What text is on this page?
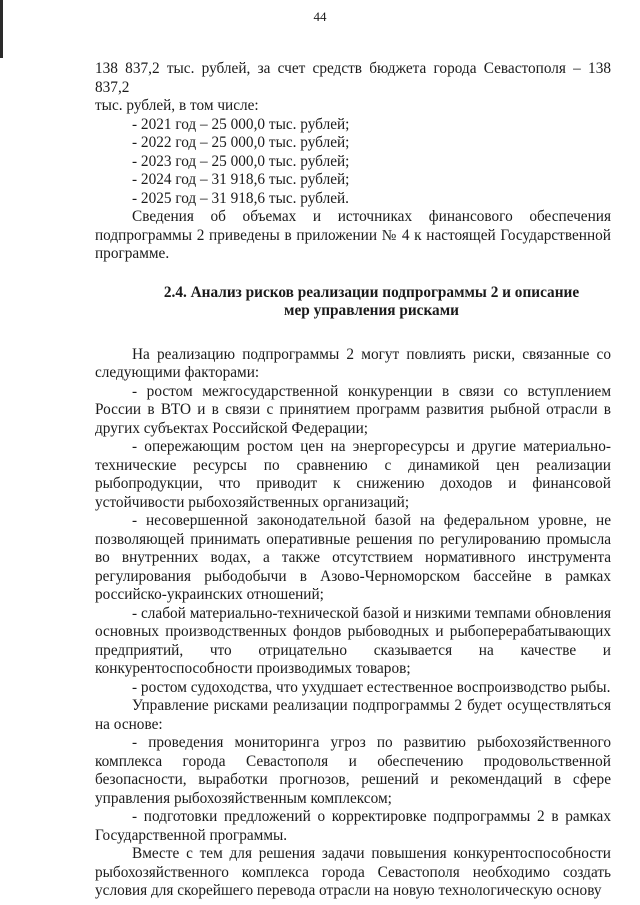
44

138 837,2 тыс. рублей, за счет средств бюджета города Севастополя – 138 837,2

тыс. рублей, в том числе:

- 2021 год – 25 000,0 тыс. рублей;
- 2022 год – 25 000,0 тыс. рублей;
- 2023 год – 25 000,0 тыс. рублей;
- 2024 год – 31 918,6 тыс. рублей;
- 2025 год – 31 918,6 тыс. рублей.

Сведения об объемах и источниках финансового обеспечения подпрограммы 2 приведены в приложении № 4 к настоящей Государственной программе.

2.4. Анализ рисков реализации подпрограммы 2 и описание
мер управления рисками

На реализацию подпрограммы 2 могут повлиять риски, связанные со следующими факторами:

- ростом межгосударственной конкуренции в связи со вступлением России в ВТО и в связи с принятием программ развития рыбной отрасли в других субъектах Российской Федерации;

- опережающим ростом цен на энергоресурсы и другие материально-технические ресурсы по сравнению с динамикой цен реализации рыбопродукции, что приводит к снижению доходов и финансовой устойчивости рыбохозяйственных организаций;

- несовершенной законодательной базой на федеральном уровне, не позволяющей принимать оперативные решения по регулированию промысла во внутренних водах, а также отсутствием нормативного инструмента регулирования рыбодобычи в Азово-Черноморском бассейне в рамках российско-украинских отношений;

- слабой материально-технической базой и низкими темпами обновления основных производственных фондов рыбоводных и рыбоперерабатывающих предприятий, что отрицательно сказывается на качестве и конкурентоспособности производимых товаров;

- ростом судоходства, что ухудшает естественное воспроизводство рыбы.

Управление рисками реализации подпрограммы 2 будет осуществляться на основе:

- проведения мониторинга угроз по развитию рыбохозяйственного комплекса города Севастополя и обеспечению продовольственной безопасности, выработки прогнозов, решений и рекомендаций в сфере управления рыбохозяйственным комплексом;

- подготовки предложений о корректировке подпрограммы 2 в рамках Государственной программы.

Вместе с тем для решения задачи повышения конкурентоспособности рыбохозяйственного комплекса города Севастополя необходимо создать условия для скорейшего перевода отрасли на новую технологическую основу
